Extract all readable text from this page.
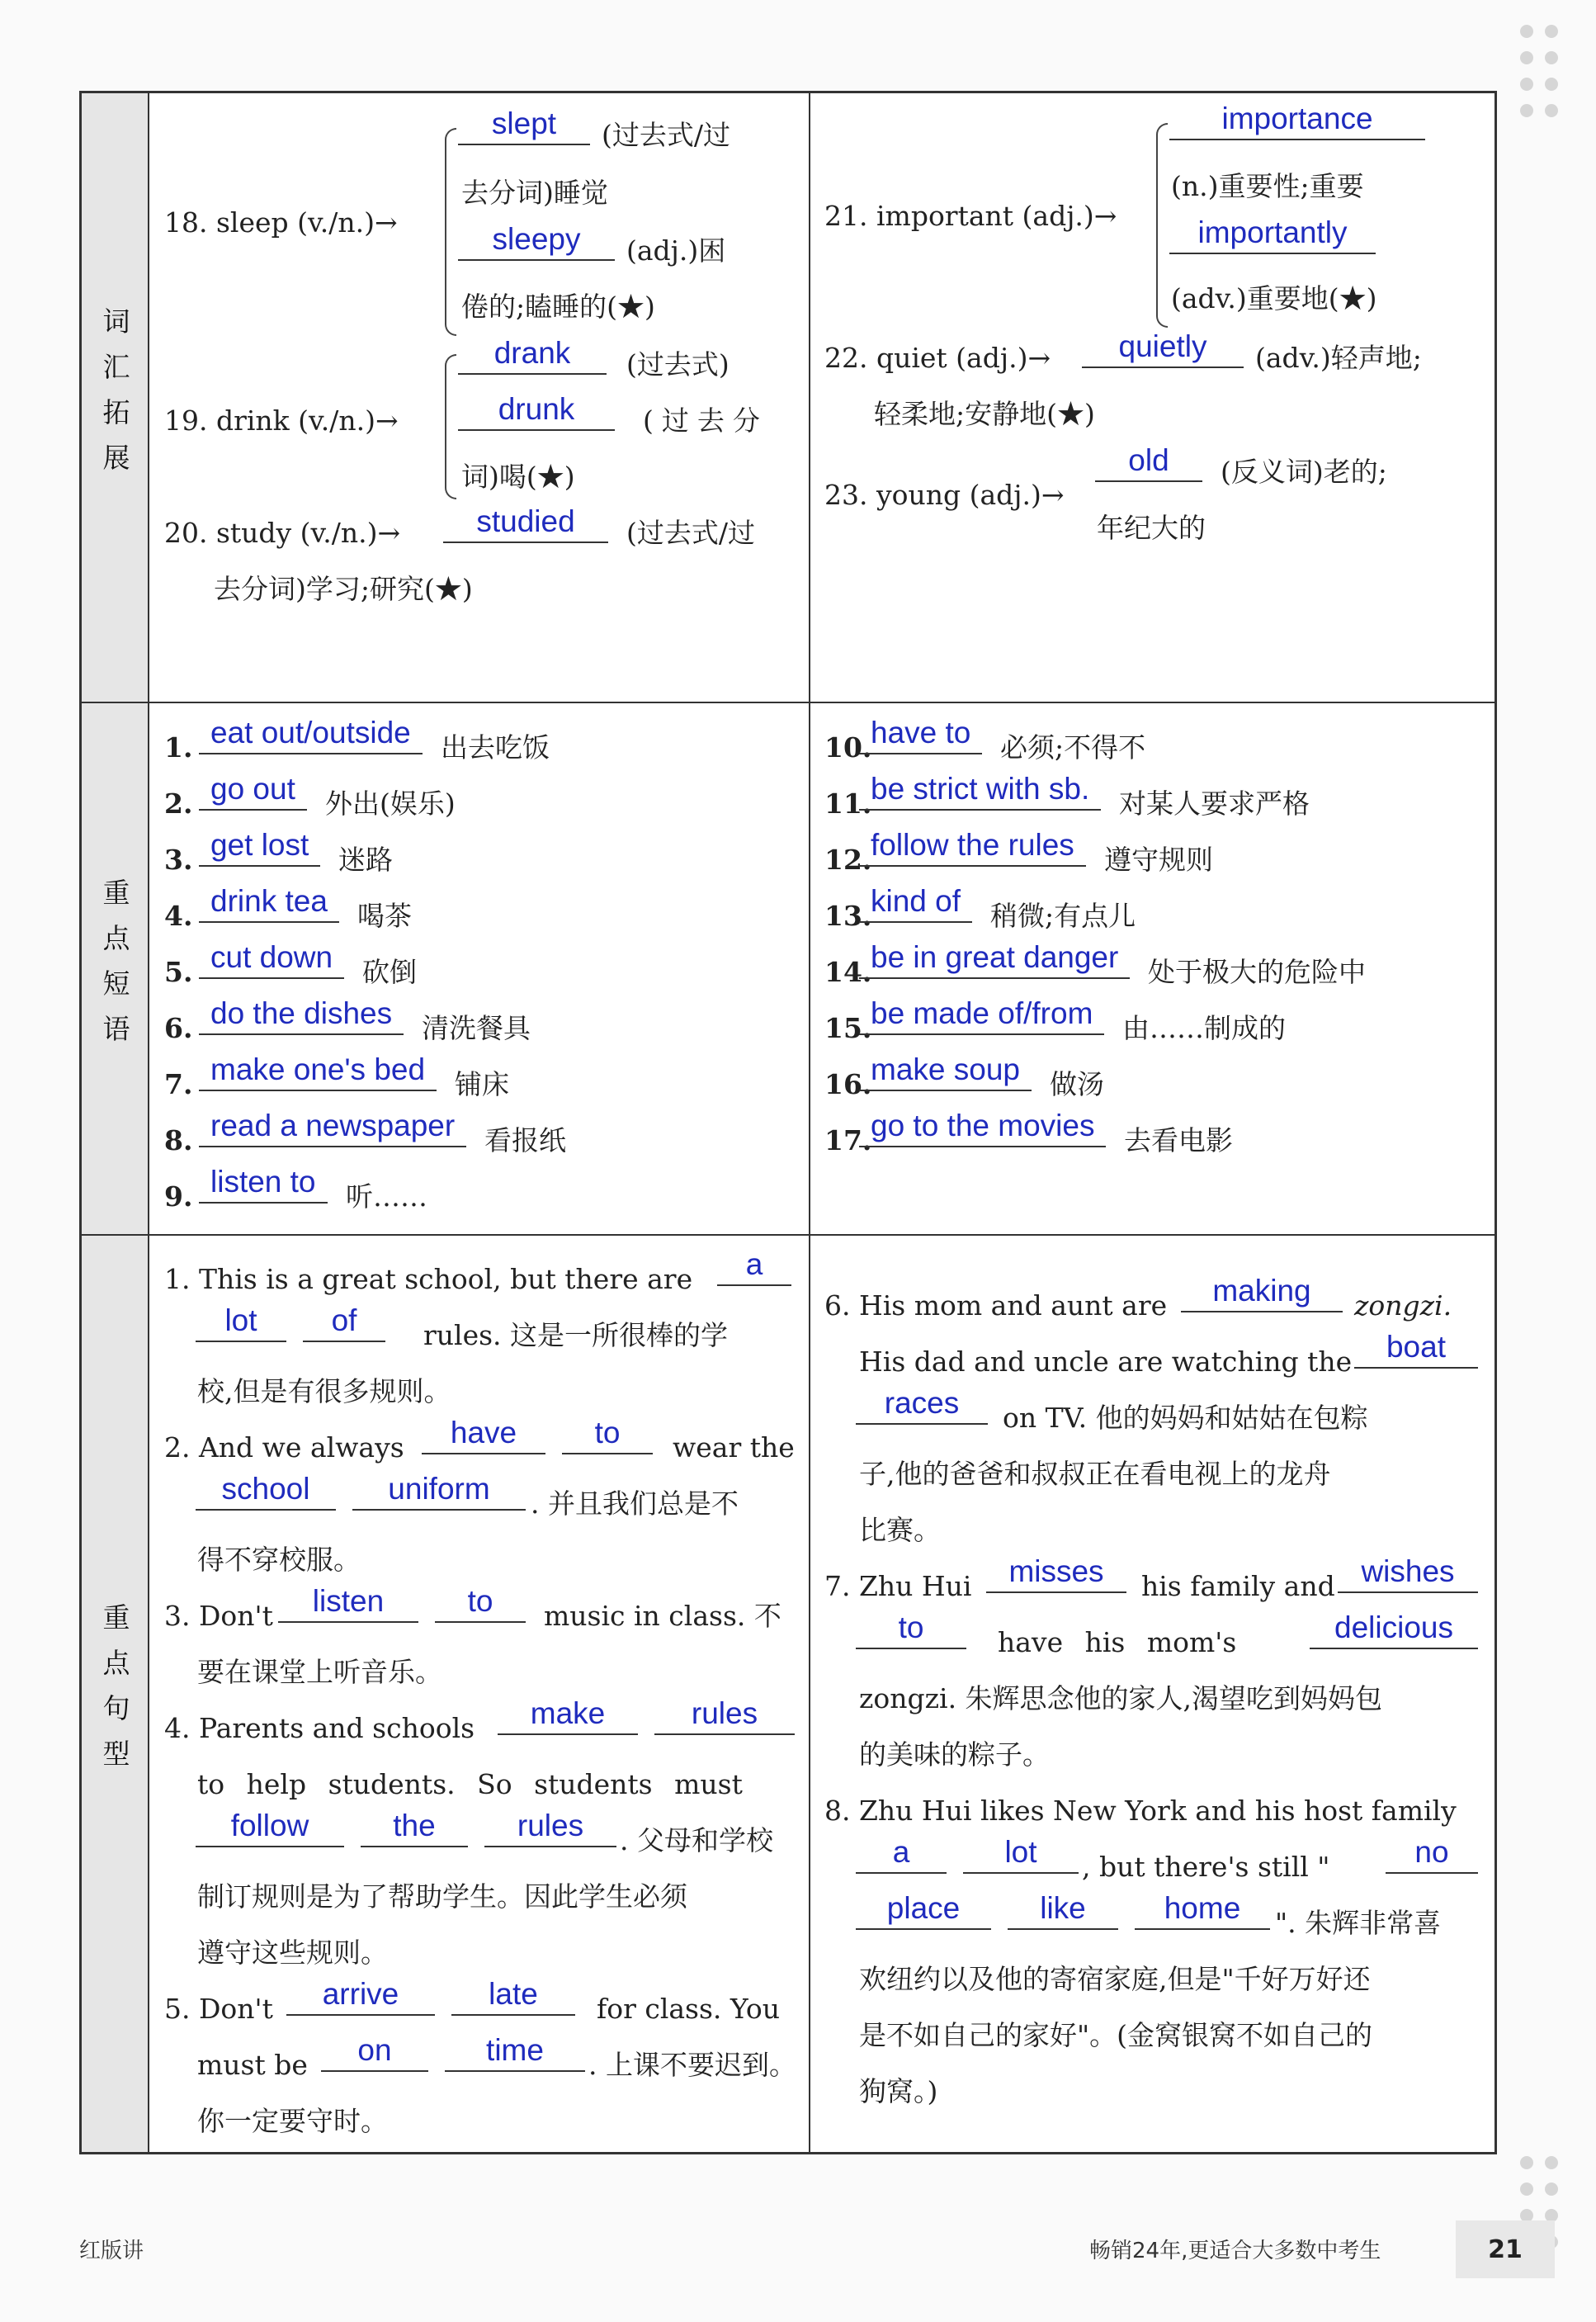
词汇拓展
重点短语
重点句型
18. sleep (v./n.)→
slept	(过去式/过
去分词)睡觉
sleepy	(adj.)困
倦的;瞌睡的(★)
19. drink (v./n.)→
drank	(过去式)
drunk	(过去分
词)喝(★)
20. study (v./n.)→	studied	(过去式/过
去分词)学习;研究(★)
21. important (adj.)→
importance
(n.)重要性;重要
importantly
(adv.)重要地(★)
22. quiet (adj.)→	quietly	(adv.)轻声地;
轻柔地;安静地(★)
23. young (adj.)→
old	(反义词)老的;
年纪大的
1. eat out/outside	出去吃饭
2. go out	外出(娱乐)
3. get lost	迷路
4. drink tea	喝茶
5. cut down	砍倒
6. do the dishes	清洗餐具
7. make one's bed	铺床
8. read a newspaper	看报纸
9. listen to	听……
10.
have to	必须;不得不
11.
be strict with sb.	对某人要求严格
12.
follow the rules	遵守规则
13.
kind of	稍微;有点儿
14.
be in great danger	处于极大的危险中
15.
be made of/from	由……制成的
16.
make soup	做汤
17.
go to the movies	去看电影
1. This is a great school, but there are	a
lot	of	rules. 这是一所很棒的学
校,但是有很多规则。
2. And we always	have	to	wear the
school	uniform	. 并且我们总是不
得不穿校服。
3. Don't	listen	to	music in class. 不
要在课堂上听音乐。
4. Parents and schools	make	rules
to help students. So students must
follow	the	rules	. 父母和学校
制订规则是为了帮助学生。因此学生必须
遵守这些规则。
5. Don't	arrive	late	for class. You
must be	on	time	. 上课不要迟到。
你一定要守时。
6. His mom and aunt are	making	zongzi.
His dad and uncle are watching the	boat
races	on TV. 他的妈妈和姑姑在包粽
子,他的爸爸和叔叔正在看电视上的龙舟
比赛。
7. Zhu Hui	misses	his family and wishes
to	have his mom's	delicious
zongzi. 朱辉思念他的家人,渴望吃到妈妈包
的美味的粽子。
8. Zhu Hui likes New York and his host family
a	lot	, but there's still "	no
place	like	home	". 朱辉非常喜
欢纽约以及他的寄宿家庭,但是"千好万好还
是不如自己的家好"。(金窝银窝不如自己的
狗窝。)
红版讲	畅销24年,更适合大多数中考生	21
